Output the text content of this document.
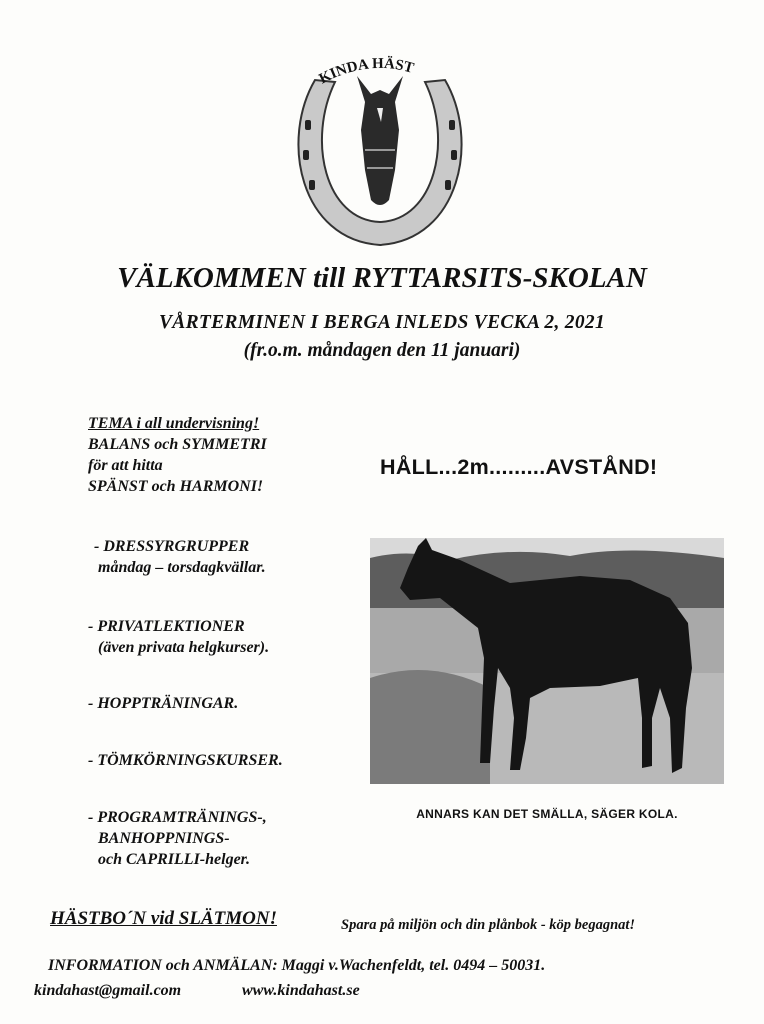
KINDA HÄST
VÄLKOMMEN till RYTTARSITS-SKOLAN
VÅRTERMINEN I BERGA INLEDS VECKA 2, 2021
(fr.o.m. måndagen den 11 januari)
TEMA i all undervisning!
BALANS och SYMMETRI
för att hitta
SPÄNST och HARMONI!
- DRESSYRGRUPPER
måndag – torsdagkvällar.
- PRIVATLEKTIONER
(även privata helgkurser).
- HOPPTRÄNINGAR.
- TÖMKÖRNINGSKURSER.
- PROGRAMTRÄNINGS-,
BANHOPPNINGS-
och CAPRILLI-helger.
HÅLL...2m.........AVSTÅND!
ANNARS KAN DET SMÄLLA, SÄGER KOLA.
HÄSTBO´N vid SLÄTMON!	Spara på miljön och din plånbok - köp begagnat!
INFORMATION och ANMÄLAN: Maggi v.Wachenfeldt, tel. 0494 – 50031.
kindahast@gmail.com	www.kindahast.se
